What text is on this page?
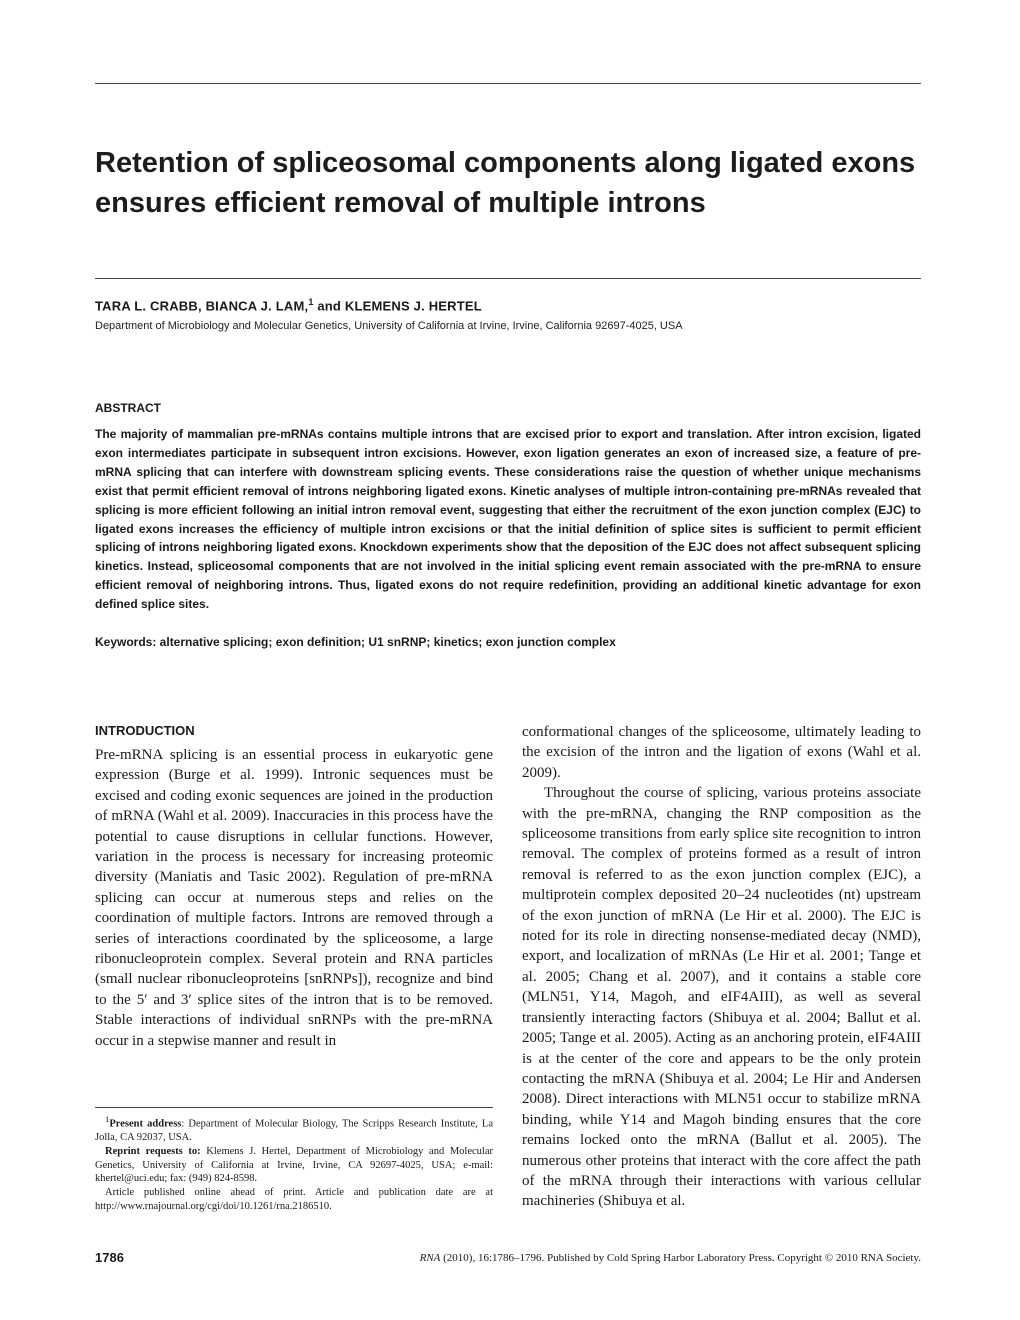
Retention of spliceosomal components along ligated exons ensures efficient removal of multiple introns
TARA L. CRABB, BIANCA J. LAM,$^1$ and KLEMENS J. HERTEL
Department of Microbiology and Molecular Genetics, University of California at Irvine, Irvine, California 92697-4025, USA
ABSTRACT

The majority of mammalian pre-mRNAs contains multiple introns that are excised prior to export and translation. After intron excision, ligated exon intermediates participate in subsequent intron excisions. However, exon ligation generates an exon of increased size, a feature of pre-mRNA splicing that can interfere with downstream splicing events. These considerations raise the question of whether unique mechanisms exist that permit efficient removal of introns neighboring ligated exons. Kinetic analyses of multiple intron-containing pre-mRNAs revealed that splicing is more efficient following an initial intron removal event, suggesting that either the recruitment of the exon junction complex (EJC) to ligated exons increases the efficiency of multiple intron excisions or that the initial definition of splice sites is sufficient to permit efficient splicing of introns neighboring ligated exons. Knockdown experiments show that the deposition of the EJC does not affect subsequent splicing kinetics. Instead, spliceosomal components that are not involved in the initial splicing event remain associated with the pre-mRNA to ensure efficient removal of neighboring introns. Thus, ligated exons do not require redefinition, providing an additional kinetic advantage for exon defined splice sites.

Keywords: alternative splicing; exon definition; U1 snRNP; kinetics; exon junction complex
INTRODUCTION

Pre-mRNA splicing is an essential process in eukaryotic gene expression (Burge et al. 1999). Intronic sequences must be excised and coding exonic sequences are joined in the production of mRNA (Wahl et al. 2009). Inaccuracies in this process have the potential to cause disruptions in cellular functions. However, variation in the process is necessary for increasing proteomic diversity (Maniatis and Tasic 2002). Regulation of pre-mRNA splicing can occur at numerous steps and relies on the coordination of multiple factors. Introns are removed through a series of interactions coordinated by the spliceosome, a large ribonucleoprotein complex. Several protein and RNA particles (small nuclear ribonucleoproteins [snRNPs]), recognize and bind to the 5′ and 3′ splice sites of the intron that is to be removed. Stable interactions of individual snRNPs with the pre-mRNA occur in a stepwise manner and result in

conformational changes of the spliceosome, ultimately leading to the excision of the intron and the ligation of exons (Wahl et al. 2009).

Throughout the course of splicing, various proteins associate with the pre-mRNA, changing the RNP composition as the spliceosome transitions from early splice site recognition to intron removal. The complex of proteins formed as a result of intron removal is referred to as the exon junction complex (EJC), a multiprotein complex deposited 20–24 nucleotides (nt) upstream of the exon junction of mRNA (Le Hir et al. 2000). The EJC is noted for its role in directing nonsense-mediated decay (NMD), export, and localization of mRNAs (Le Hir et al. 2001; Tange et al. 2005; Chang et al. 2007), and it contains a stable core (MLN51, Y14, Magoh, and eIF4AIII), as well as several transiently interacting factors (Shibuya et al. 2004; Ballut et al. 2005; Tange et al. 2005). Acting as an anchoring protein, eIF4AIII is at the center of the core and appears to be the only protein contacting the mRNA (Shibuya et al. 2004; Le Hir and Andersen 2008). Direct interactions with MLN51 occur to stabilize mRNA binding, while Y14 and Magoh binding ensures that the core remains locked onto the mRNA (Ballut et al. 2005). The numerous other proteins that interact with the core affect the path of the mRNA through their interactions with various cellular machineries (Shibuya et al.

$^1$Present address: Department of Molecular Biology, The Scripps Research Institute, La Jolla, CA 92037, USA.

Reprint requests to: Klemens J. Hertel, Department of Microbiology and Molecular Genetics, University of California at Irvine, Irvine, CA 92697-4025, USA; e-mail: khertel@uci.edu; fax: (949) 824-8598.

Article published online ahead of print. Article and publication date are at http://www.rnajournal.org/cgi/doi/10.1261/rna.2186510.

1786	RNA (2010), 16:1786–1796. Published by Cold Spring Harbor Laboratory Press. Copyright © 2010 RNA Society.
